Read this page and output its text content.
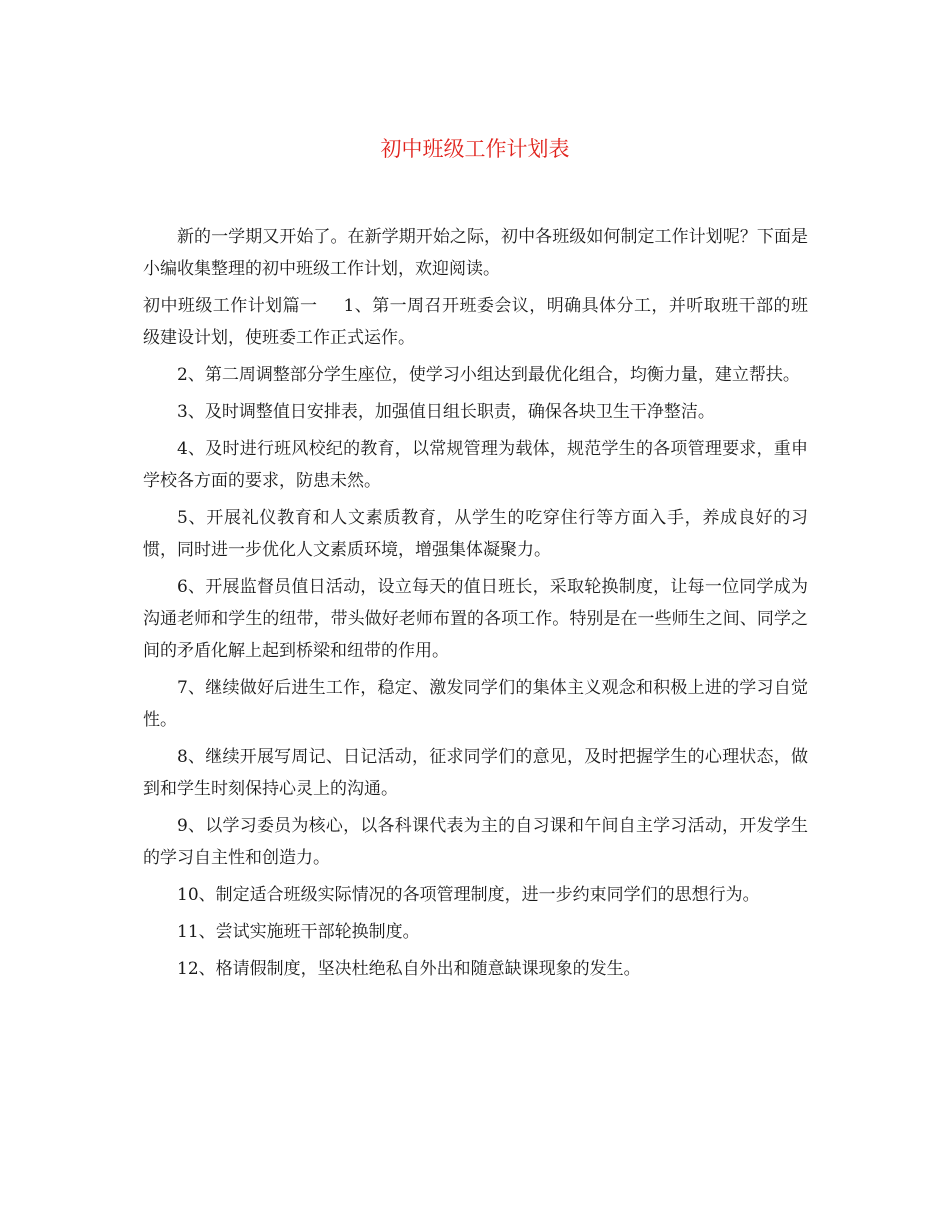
初中班级工作计划表

新的一学期又开始了。在新学期开始之际，初中各班级如何制定工作计划呢？下面是小编收集整理的初中班级工作计划，欢迎阅读。

初中班级工作计划篇一 1、第一周召开班委会议，明确具体分工，并听取班干部的班级建设计划，使班委工作正式运作。

2、第二周调整部分学生座位，使学习小组达到最优化组合，均衡力量，建立帮扶。

3、及时调整值日安排表，加强值日组长职责，确保各块卫生干净整洁。

4、及时进行班风校纪的教育，以常规管理为载体，规范学生的各项管理要求，重申学校各方面的要求，防患未然。

5、开展礼仪教育和人文素质教育，从学生的吃穿住行等方面入手，养成良好的习惯，同时进一步优化人文素质环境，增强集体凝聚力。

6、开展监督员值日活动，设立每天的值日班长，采取轮换制度，让每一位同学成为沟通老师和学生的纽带，带头做好老师布置的各项工作。特别是在一些师生之间、同学之间的矛盾化解上起到桥梁和纽带的作用。

7、继续做好后进生工作，稳定、激发同学们的集体主义观念和积极上进的学习自觉性。

8、继续开展写周记、日记活动，征求同学们的意见，及时把握学生的心理状态，做到和学生时刻保持心灵上的沟通。

9、以学习委员为核心，以各科课代表为主的自习课和午间自主学习活动，开发学生的学习自主性和创造力。

10、制定适合班级实际情况的各项管理制度，进一步约束同学们的思想行为。

11、尝试实施班干部轮换制度。

12、格请假制度，坚决杜绝私自外出和随意缺课现象的发生。
